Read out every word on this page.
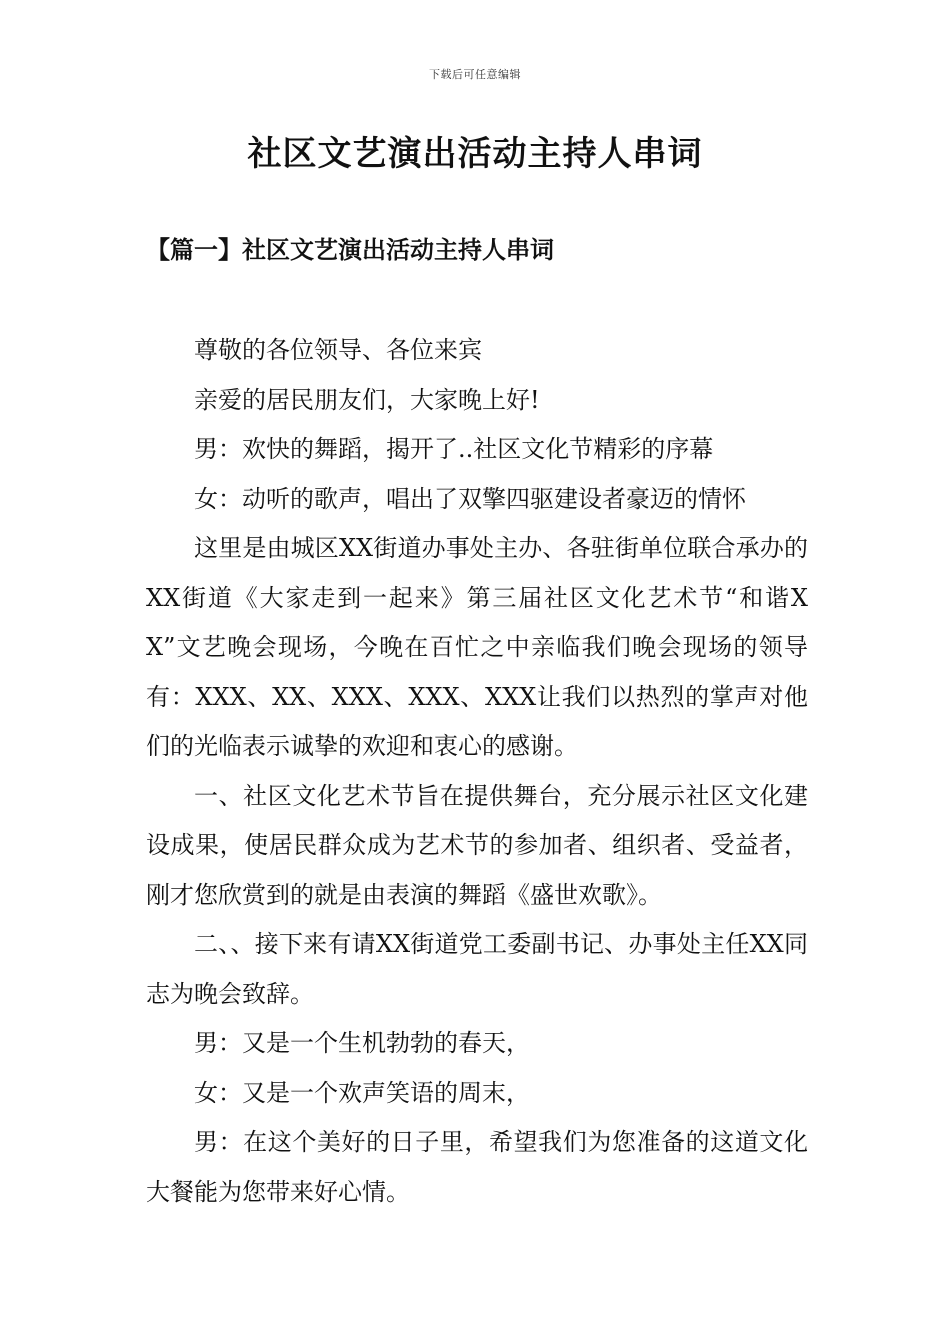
下载后可任意编辑
社区文艺演出活动主持人串词
【篇一】社区文艺演出活动主持人串词

尊敬的各位领导、各位来宾

亲爱的居民朋友们，大家晚上好!

男：欢快的舞蹈，揭开了..社区文化节精彩的序幕

女：动听的歌声，唱出了双擎四驱建设者豪迈的情怀

这里是由城区XX街道办事处主办、各驻街单位联合承办的XX街道《大家走到一起来》第三届社区文化艺术节“和谐XX”文艺晚会现场，今晚在百忙之中亲临我们晚会现场的领导有：XXX、XX、XXX、XXX、XXX让我们以热烈的掌声对他们的光临表示诚挚的欢迎和衷心的感谢。

一、社区文化艺术节旨在提供舞台，充分展示社区文化建设成果，使居民群众成为艺术节的参加者、组织者、受益者，刚才您欣赏到的就是由表演的舞蹈《盛世欢歌》。

二、、接下来有请XX街道党工委副书记、办事处主任XX同志为晚会致辞。

男：又是一个生机勃勃的春天，

女：又是一个欢声笑语的周末，

男：在这个美好的日子里，希望我们为您准备的这道文化大餐能为您带来好心情。
